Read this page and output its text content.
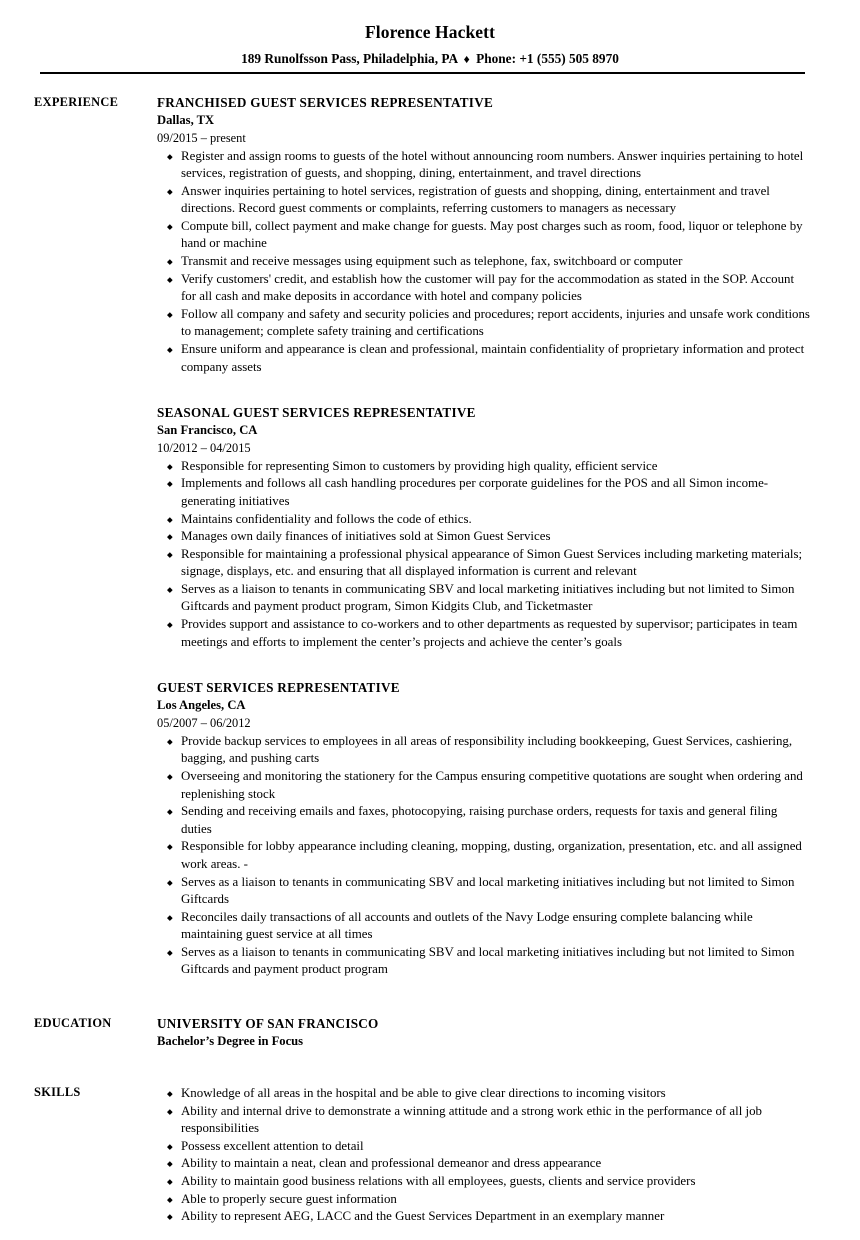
Florence Hackett
189 Runolfsson Pass, Philadelphia, PA ♦ Phone: +1 (555) 505 8970
EXPERIENCE	FRANCHISED GUEST SERVICES REPRESENTATIVE
Dallas, TX
09/2015 – present
◆ Register and assign rooms to guests of the hotel without announcing room numbers. Answer inquiries pertaining to hotel services, registration of guests, and shopping, dining, entertainment, and travel directions
◆ Answer inquiries pertaining to hotel services, registration of guests and shopping, dining, entertainment and travel directions. Record guest comments or complaints, referring customers to managers as necessary
◆ Compute bill, collect payment and make change for guests. May post charges such as room, food, liquor or telephone by hand or machine
◆ Transmit and receive messages using equipment such as telephone, fax, switchboard or computer
◆ Verify customers' credit, and establish how the customer will pay for the accommodation as stated in the SOP. Account for all cash and make deposits in accordance with hotel and company policies
◆ Follow all company and safety and security policies and procedures; report accidents, injuries and unsafe work conditions to management; complete safety training and certifications
◆ Ensure uniform and appearance is clean and professional, maintain confidentiality of proprietary information and protect company assets
SEASONAL GUEST SERVICES REPRESENTATIVE
San Francisco, CA
10/2012 – 04/2015
◆ Responsible for representing Simon to customers by providing high quality, efficient service
◆ Implements and follows all cash handling procedures per corporate guidelines for the POS and all Simon income-generating initiatives
◆ Maintains confidentiality and follows the code of ethics.
◆ Manages own daily finances of initiatives sold at Simon Guest Services
◆ Responsible for maintaining a professional physical appearance of Simon Guest Services including marketing materials; signage, displays, etc. and ensuring that all displayed information is current and relevant
◆ Serves as a liaison to tenants in communicating SBV and local marketing initiatives including but not limited to Simon Giftcards and payment product program, Simon Kidgits Club, and Ticketmaster
◆ Provides support and assistance to co-workers and to other departments as requested by supervisor; participates in team meetings and efforts to implement the center’s projects and achieve the center’s goals
GUEST SERVICES REPRESENTATIVE
Los Angeles, CA
05/2007 – 06/2012
◆ Provide backup services to employees in all areas of responsibility including bookkeeping, Guest Services, cashiering, bagging, and pushing carts
◆ Overseeing and monitoring the stationery for the Campus ensuring competitive quotations are sought when ordering and replenishing stock
◆ Sending and receiving emails and faxes, photocopying, raising purchase orders, requests for taxis and general filing duties
◆ Responsible for lobby appearance including cleaning, mopping, dusting, organization, presentation, etc. and all assigned work areas. -
◆ Serves as a liaison to tenants in communicating SBV and local marketing initiatives including but not limited to Simon Giftcards
◆ Reconciles daily transactions of all accounts and outlets of the Navy Lodge ensuring complete balancing while maintaining guest service at all times
◆ Serves as a liaison to tenants in communicating SBV and local marketing initiatives including but not limited to Simon Giftcards and payment product program
EDUCATION	UNIVERSITY OF SAN FRANCISCO
Bachelor’s Degree in Focus
SKILLS	◆ Knowledge of all areas in the hospital and be able to give clear directions to incoming visitors
◆ Ability and internal drive to demonstrate a winning attitude and a strong work ethic in the performance of all job responsibilities
◆ Possess excellent attention to detail
◆ Ability to maintain a neat, clean and professional demeanor and dress appearance
◆ Ability to maintain good business relations with all employees, guests, clients and service providers
◆ Able to properly secure guest information
◆ Ability to represent AEG, LACC and the Guest Services Department in an exemplary manner
